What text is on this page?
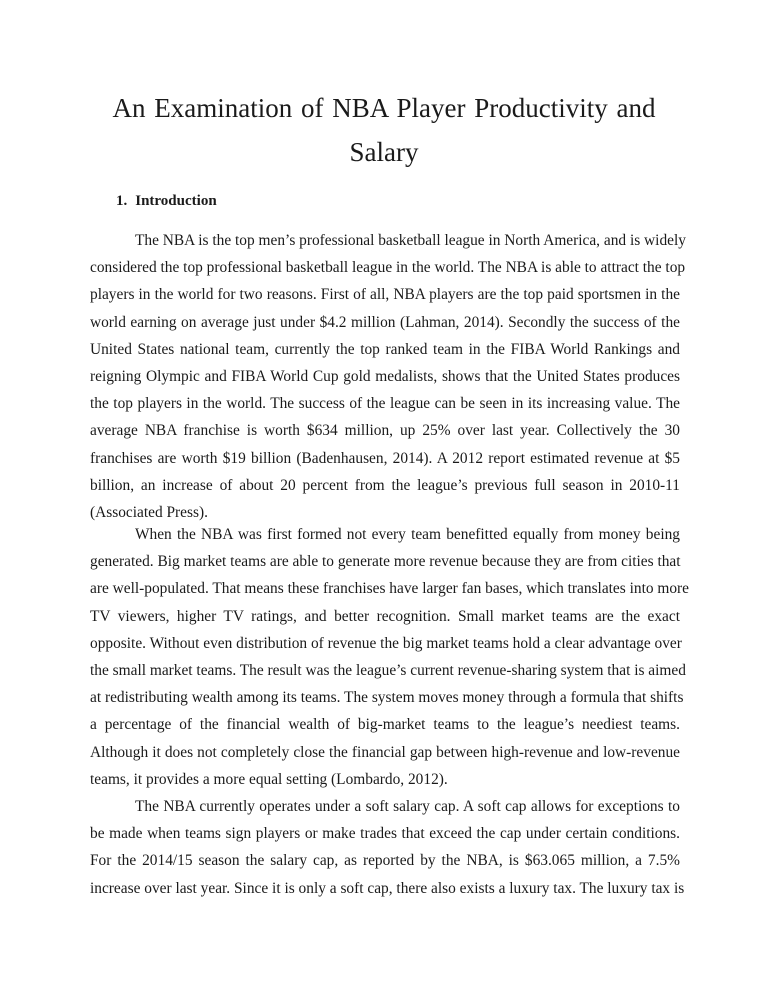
An Examination of NBA Player Productivity and
Salary
1. Introduction

The NBA is the top men’s professional basketball league in North America, and is widely
considered the top professional basketball league in the world. The NBA is able to attract the top
players in the world for two reasons. First of all, NBA players are the top paid sportsmen in the
world earning on average just under $4.2 million (Lahman, 2014). Secondly the success of the
United States national team, currently the top ranked team in the FIBA World Rankings and
reigning Olympic and FIBA World Cup gold medalists, shows that the United States produces
the top players in the world. The success of the league can be seen in its increasing value. The
average NBA franchise is worth $634 million, up 25% over last year. Collectively the 30
franchises are worth $19 billion (Badenhausen, 2014). A 2012 report estimated revenue at $5
billion, an increase of about 20 percent from the league’s previous full season in 2010-11
(Associated Press).

When the NBA was first formed not every team benefitted equally from money being
generated. Big market teams are able to generate more revenue because they are from cities that
are well-populated. That means these franchises have larger fan bases, which translates into more
TV viewers, higher TV ratings, and better recognition. Small market teams are the exact
opposite. Without even distribution of revenue the big market teams hold a clear advantage over
the small market teams. The result was the league’s current revenue-sharing system that is aimed
at redistributing wealth among its teams. The system moves money through a formula that shifts
a percentage of the financial wealth of big-market teams to the league’s neediest teams.
Although it does not completely close the financial gap between high-revenue and low-revenue
teams, it provides a more equal setting (Lombardo, 2012).

The NBA currently operates under a soft salary cap. A soft cap allows for exceptions to
be made when teams sign players or make trades that exceed the cap under certain conditions.
For the 2014/15 season the salary cap, as reported by the NBA, is $63.065 million, a 7.5%
increase over last year. Since it is only a soft cap, there also exists a luxury tax. The luxury tax is
